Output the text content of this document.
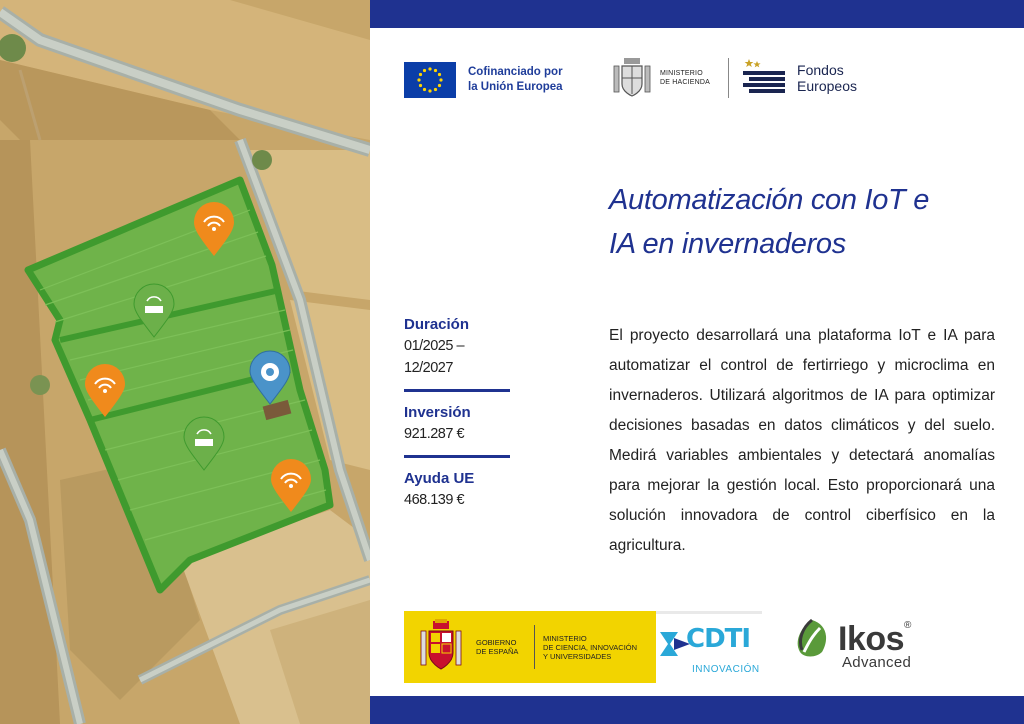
Cofinanciado por
la Unión Europea
MINISTERIO
DE HACIENDA
Fondos
Europeos
Automatización con IoT e
IA en invernaderos
Duración
01/2025 – 12/2027
Inversión
921.287 €
Ayuda UE
468.139 €
El proyecto desarrollará una plataforma IoT e IA para automatizar el control de fertirriego y microclima en invernaderos. Utilizará algoritmos de IA para optimizar decisiones basadas en datos climáticos y del suelo. Medirá variables ambientales y detectará anomalías para mejorar la gestión local. Esto proporcionará una solución innovadora de control ciberfísico en la agricultura.
GOBIERNO
DE ESPAÑA
MINISTERIO
DE CIENCIA, INNOVACIÓN
Y UNIVERSIDADES
CDTI
INNOVACIÓN
Ikos®
Advanced
